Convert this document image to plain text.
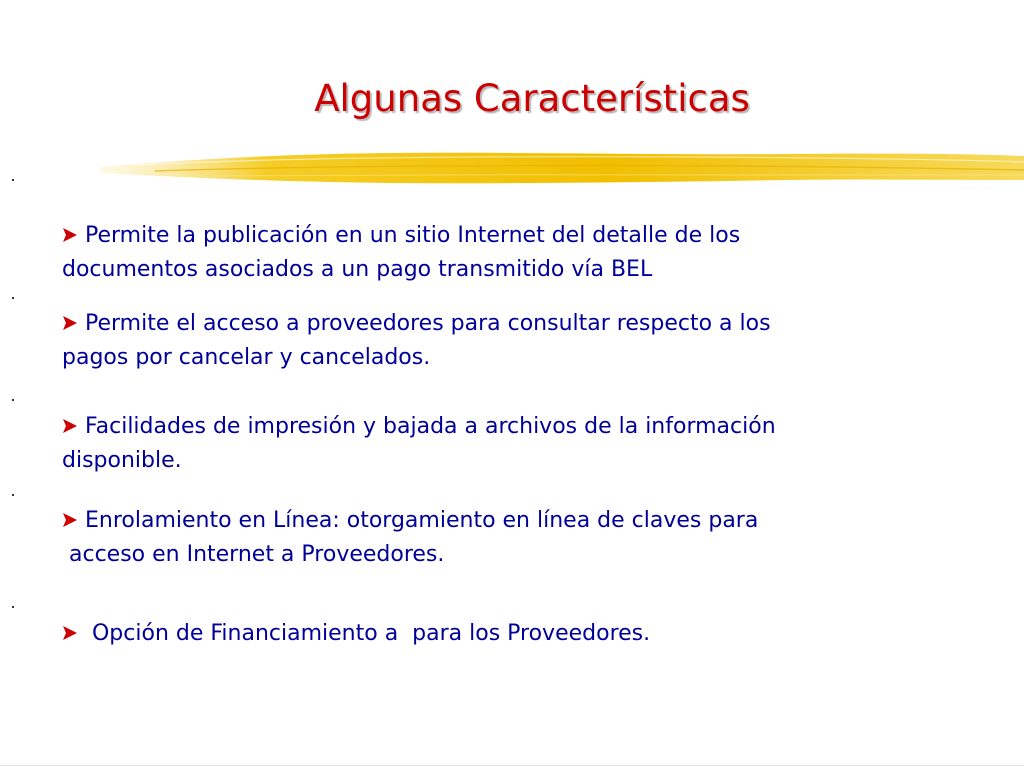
Algunas Características
Permite la publicación en un sitio Internet del detalle de los
documentos asociados a un pago transmitido vía BEL
Permite el acceso a proveedores para consultar respecto a los
pagos por cancelar y cancelados.
Facilidades de impresión y bajada a archivos de la información
disponible.
Enrolamiento en Línea: otorgamiento en línea de claves para
acceso en Internet a Proveedores.
Opción de Financiamiento a  para los Proveedores.
